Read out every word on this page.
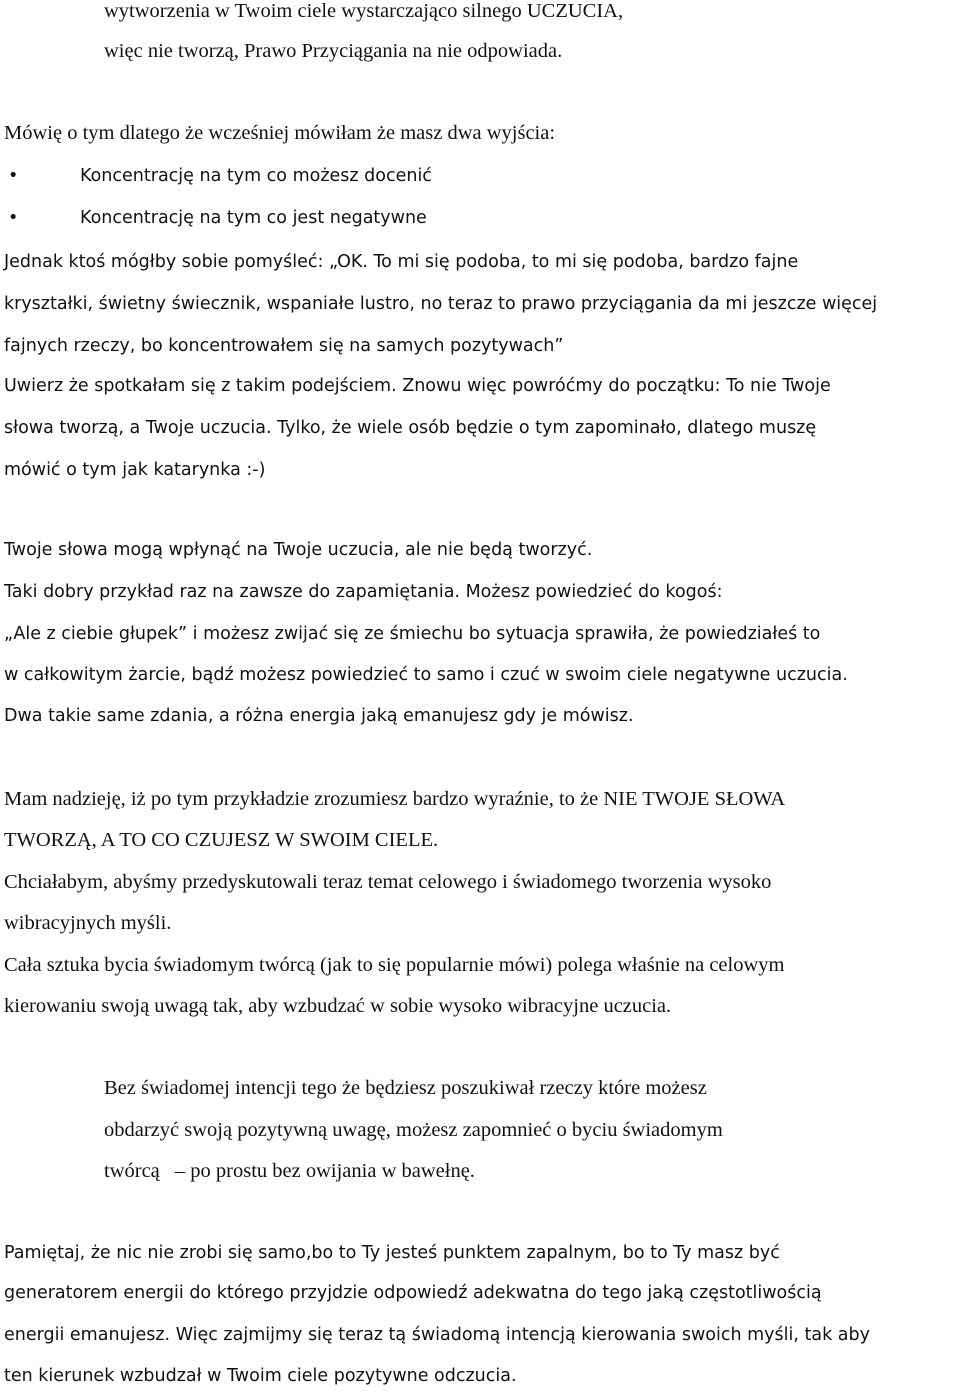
wytworzenia w Twoim ciele wystarczająco silnego UCZUCIA,
więc nie tworzą, Prawo Przyciągania na nie odpowiada.
Mówię o tym dlatego że wcześniej mówiłam że masz dwa wyjścia:
•	Koncentrację na tym co możesz docenić
•	Koncentrację na tym co jest negatywne
Jednak ktoś mógłby sobie pomyśleć: „OK. To mi się podoba, to mi się podoba, bardzo fajne
kryształki, świetny świecznik, wspaniałe lustro, no teraz to prawo przyciągania da mi jeszcze więcej
fajnych rzeczy, bo koncentrowałem się na samych pozytywach”
Uwierz że spotkałam się z takim podejściem. Znowu więc powróćmy do początku: To nie Twoje
słowa tworzą, a Twoje uczucia. Tylko, że wiele osób będzie o tym zapominało, dlatego muszę
mówić o tym jak katarynka :-)
Twoje słowa mogą wpłynąć na Twoje uczucia, ale nie będą tworzyć.
Taki dobry przykład raz na zawsze do zapamiętania. Możesz powiedzieć do kogoś:
„Ale z ciebie głupek” i możesz zwijać się ze śmiechu bo sytuacja sprawiła, że powiedziałeś to
w całkowitym żarcie, bądź możesz powiedzieć to samo i czuć w swoim ciele negatywne uczucia.
Dwa takie same zdania, a różna energia jaką emanujesz gdy je mówisz.
Mam nadzieję, iż po tym przykładzie zrozumiesz bardzo wyraźnie, to że NIE TWOJE SŁOWA
TWORZĄ, A TO CO CZUJESZ W SWOIM CIELE.
Chciałabym, abyśmy przedyskutowali teraz temat celowego i świadomego tworzenia wysoko
wibracyjnych myśli.
Cała sztuka bycia świadomym twórcą (jak to się popularnie mówi) polega właśnie na celowym
kierowaniu swoją uwagą tak, aby wzbudzać w sobie wysoko wibracyjne uczucia.
Bez świadomej intencji tego że będziesz poszukiwał rzeczy które możesz
obdarzyć swoją pozytywną uwagę, możesz zapomnieć o byciu świadomym
twórcą – po prostu bez owijania w bawełnę.
Pamiętaj, że nic nie zrobi się samo,bo to Ty jesteś punktem zapalnym, bo to Ty masz być
generatorem energii do którego przyjdzie odpowiedź adekwatna do tego jaką częstotliwością
energii emanujesz. Więc zajmijmy się teraz tą świadomą intencją kierowania swoich myśli, tak aby
ten kierunek wzbudzał w Twoim ciele pozytywne odczucia.
